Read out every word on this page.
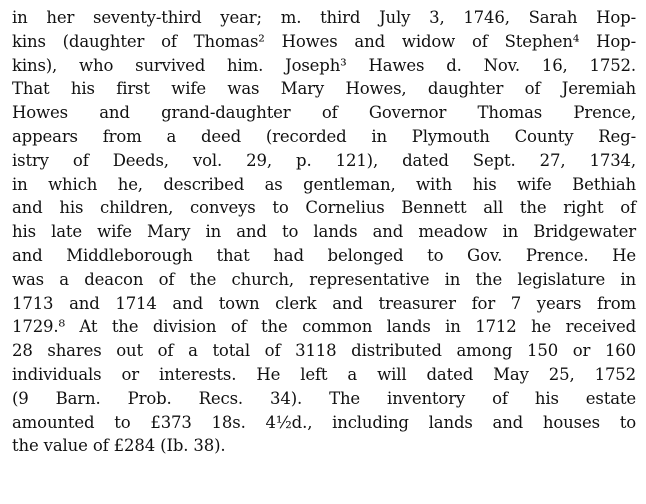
in her seventy-third year; m. third July 3, 1746, Sarah Hop-
kins (daughter of Thomas² Howes and widow of Stephen⁴ Hop-
kins), who survived him. Joseph³ Hawes d. Nov. 16, 1752.
That his first wife was Mary Howes, daughter of Jeremiah
Howes and grand-daughter of Governor Thomas Prence,
appears from a deed (recorded in Plymouth County Reg-
istry of Deeds, vol. 29, p. 121), dated Sept. 27, 1734,
in which he, described as gentleman, with his wife Bethiah
and his children, conveys to Cornelius Bennett all the right of
his late wife Mary in and to lands and meadow in Bridgewater
and Middleborough that had belonged to Gov. Prence. He
was a deacon of the church, representative in the legislature in
1713 and 1714 and town clerk and treasurer for 7 years from
1729.⁸ At the division of the common lands in 1712 he received
28 shares out of a total of 3118 distributed among 150 or 160
individuals or interests. He left a will dated May 25, 1752
(9 Barn. Prob. Recs. 34). The inventory of his estate
amounted to £373 18s. 4½d., including lands and houses to
the value of £284 (Ib. 38).
